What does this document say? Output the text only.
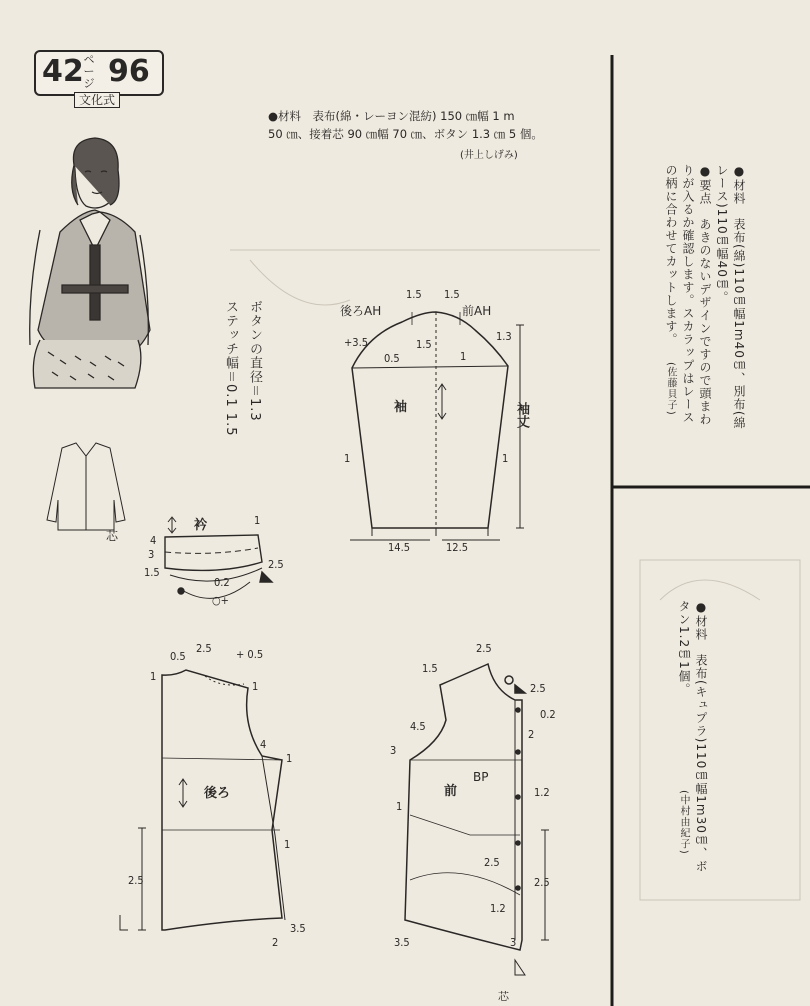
42 ページ 96
文化式
●材料　表布(綿・レーヨン混紡) 150 ㎝幅 1 m
50 ㎝、接着芯 90 ㎝幅 70 ㎝、ボタン 1.3 ㎝ 5 個。
(井上しげみ)
ボタンの直径＝1.3
ステッチ幅＝0.1 1.5	●材料　表布(綿)110㎝幅1m40㎝、別布(綿
レース)110㎝幅40㎝。
●要点　あきのないデザインですので頭まわ
りが入るか確認します。スカラップはレース
の柄に合わせてカットします。
(佐藤貝子)
●材料　表布(キュプラ)110㎝幅1m30㎝、ボ
タン1.2㎝1個。
(中村由紀子)
後ろAH	前AH
1.5 1.5
+3.5
0.5
1.5
1
1.3
1	1
14.5	12.5
袖	袖丈
衿
芯
1
4
3
1.5
2.5
0.2
○+
後ろ
0.5
2.5 + 0.5
1
1
4
1
1
2.5
3.5
2
前
BP
1.5
2.5
2.5
0.2
4.5
3
2
1
1.2
2.5
2.5
1.2
3.5	3
芯
